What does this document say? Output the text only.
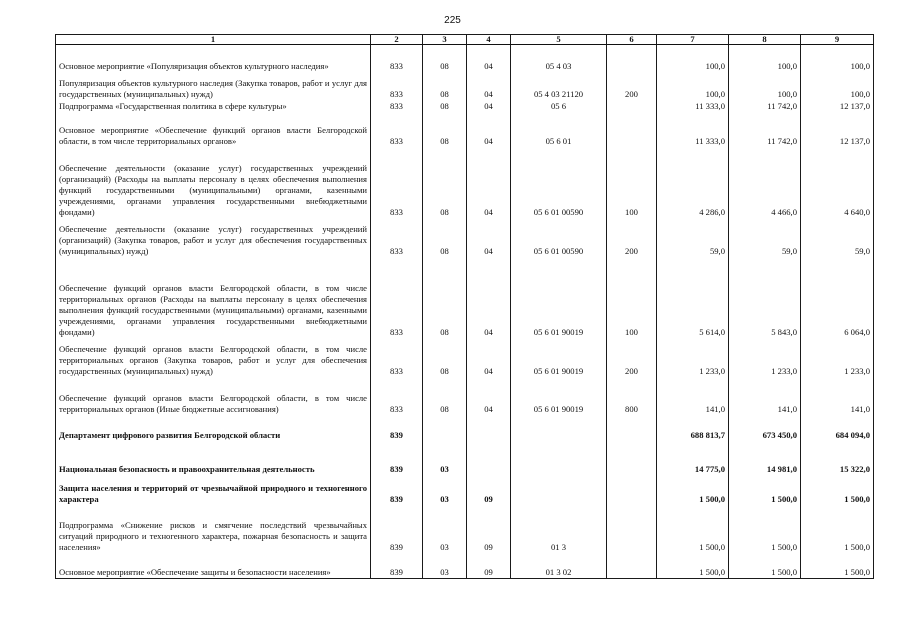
225
1	2	3	4	5	6	7	8	9
Основное мероприятие «Популяризация объектов культурного наследия»	833	08	04	05 4 03		100,0	100,0	100,0
Популяризация объектов культурного наследия (Закупка товаров, работ и услуг для государственных (муниципальных) нужд)	833	08	04	05 4 03 21120	200	100,0	100,0	100,0
Подпрограмма «Государственная политика в сфере культуры»	833	08	04	05 6		11 333,0	11 742,0	12 137,0
Основное мероприятие «Обеспечение функций органов власти Белгородской области, в том числе территориальных органов»	833	08	04	05 6 01		11 333,0	11 742,0	12 137,0
Обеспечение деятельности (оказание услуг) государственных учреждений (организаций) (Расходы на выплаты персоналу в целях обеспечения выполнения функций государственными (муниципальными) органами, казенными учреждениями, органами управления государственными внебюджетными фондами)	833	08	04	05 6 01 00590	100	4 286,0	4 466,0	4 640,0
Обеспечение деятельности (оказание услуг) государственных учреждений (организаций) (Закупка товаров, работ и услуг для обеспечения государственных (муниципальных) нужд)	833	08	04	05 6 01 00590	200	59,0	59,0	59,0
Обеспечение функций органов власти Белгородской области, в том числе территориальных органов (Расходы на выплаты персоналу в целях обеспечения выполнения функций государственными (муниципальными) органами, казенными учреждениями, органами управления государственными внебюджетными фондами)	833	08	04	05 6 01 90019	100	5 614,0	5 843,0	6 064,0
Обеспечение функций органов власти Белгородской области, в том числе территориальных органов (Закупка товаров, работ и услуг для обеспечения государственных (муниципальных) нужд)	833	08	04	05 6 01 90019	200	1 233,0	1 233,0	1 233,0
Обеспечение функций органов власти Белгородской области, в том числе территориальных органов (Иные бюджетные ассигнования)	833	08	04	05 6 01 90019	800	141,0	141,0	141,0
Департамент цифрового развития Белгородской области	839					688 813,7	673 450,0	684 094,0
Национальная безопасность и правоохранительная деятельность	839	03				14 775,0	14 981,0	15 322,0
Защита населения и территорий от чрезвычайной природного и техногенного характера	839	03	09			1 500,0	1 500,0	1 500,0
Подпрограмма «Снижение рисков и смягчение последствий чрезвычайных ситуаций природного и техногенного характера, пожарная безопасность и защита населения»	839	03	09	01 3		1 500,0	1 500,0	1 500,0
Основное мероприятие «Обеспечение защиты и безопасности населения»	839	03	09	01 3 02		1 500,0	1 500,0	1 500,0
